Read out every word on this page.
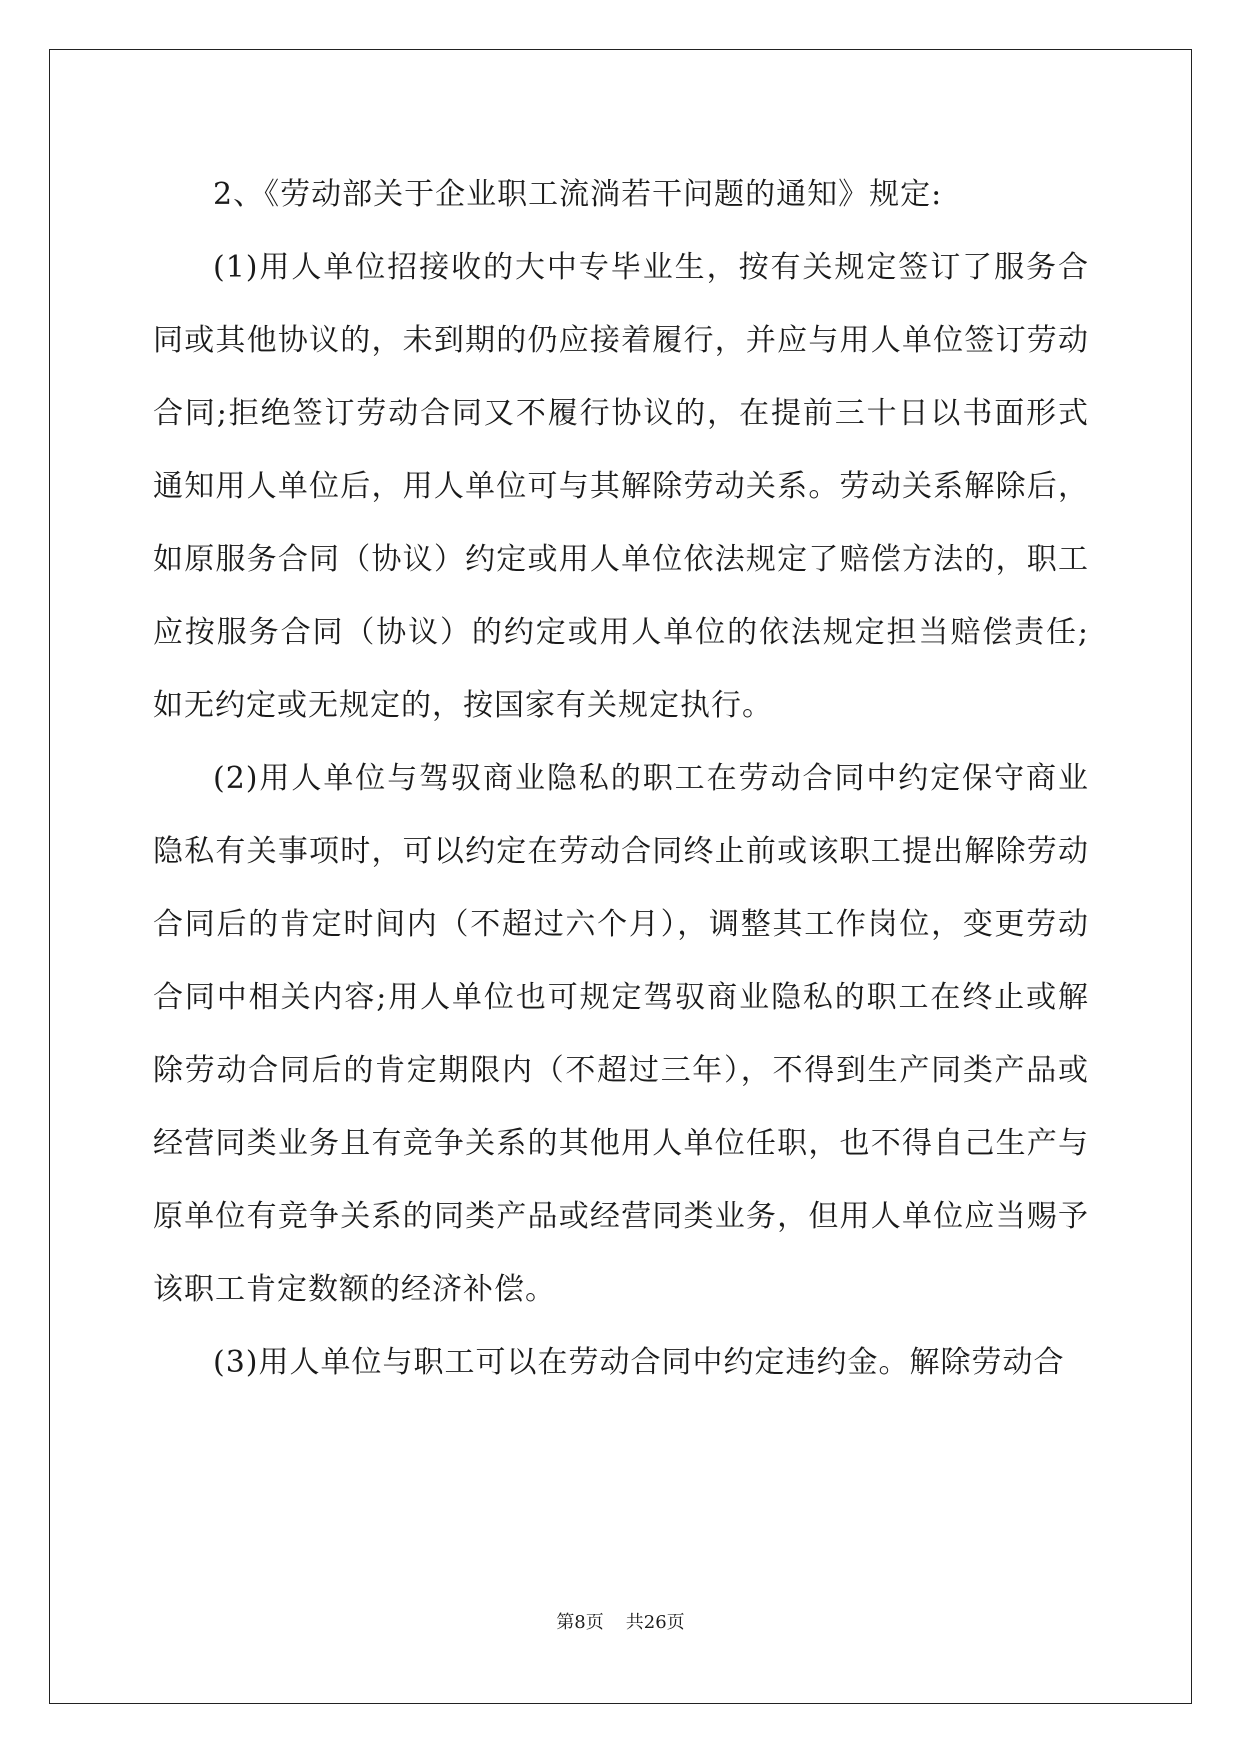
2、《劳动部关于企业职工流淌若干问题的通知》规定:

(1)用人单位招接收的大中专毕业生，按有关规定签订了服务合同或其他协议的，未到期的仍应接着履行，并应与用人单位签订劳动合同;拒绝签订劳动合同又不履行协议的，在提前三十日以书面形式通知用人单位后，用人单位可与其解除劳动关系。劳动关系解除后，如原服务合同（协议）约定或用人单位依法规定了赔偿方法的，职工应按服务合同（协议）的约定或用人单位的依法规定担当赔偿责任;如无约定或无规定的，按国家有关规定执行。

(2)用人单位与驾驭商业隐私的职工在劳动合同中约定保守商业隐私有关事项时，可以约定在劳动合同终止前或该职工提出解除劳动合同后的肯定时间内（不超过六个月），调整其工作岗位，变更劳动合同中相关内容;用人单位也可规定驾驭商业隐私的职工在终止或解除劳动合同后的肯定期限内（不超过三年），不得到生产同类产品或经营同类业务且有竞争关系的其他用人单位任职，也不得自己生产与原单位有竞争关系的同类产品或经营同类业务，但用人单位应当赐予该职工肯定数额的经济补偿。

(3)用人单位与职工可以在劳动合同中约定违约金。解除劳动合

第8页 共26页
